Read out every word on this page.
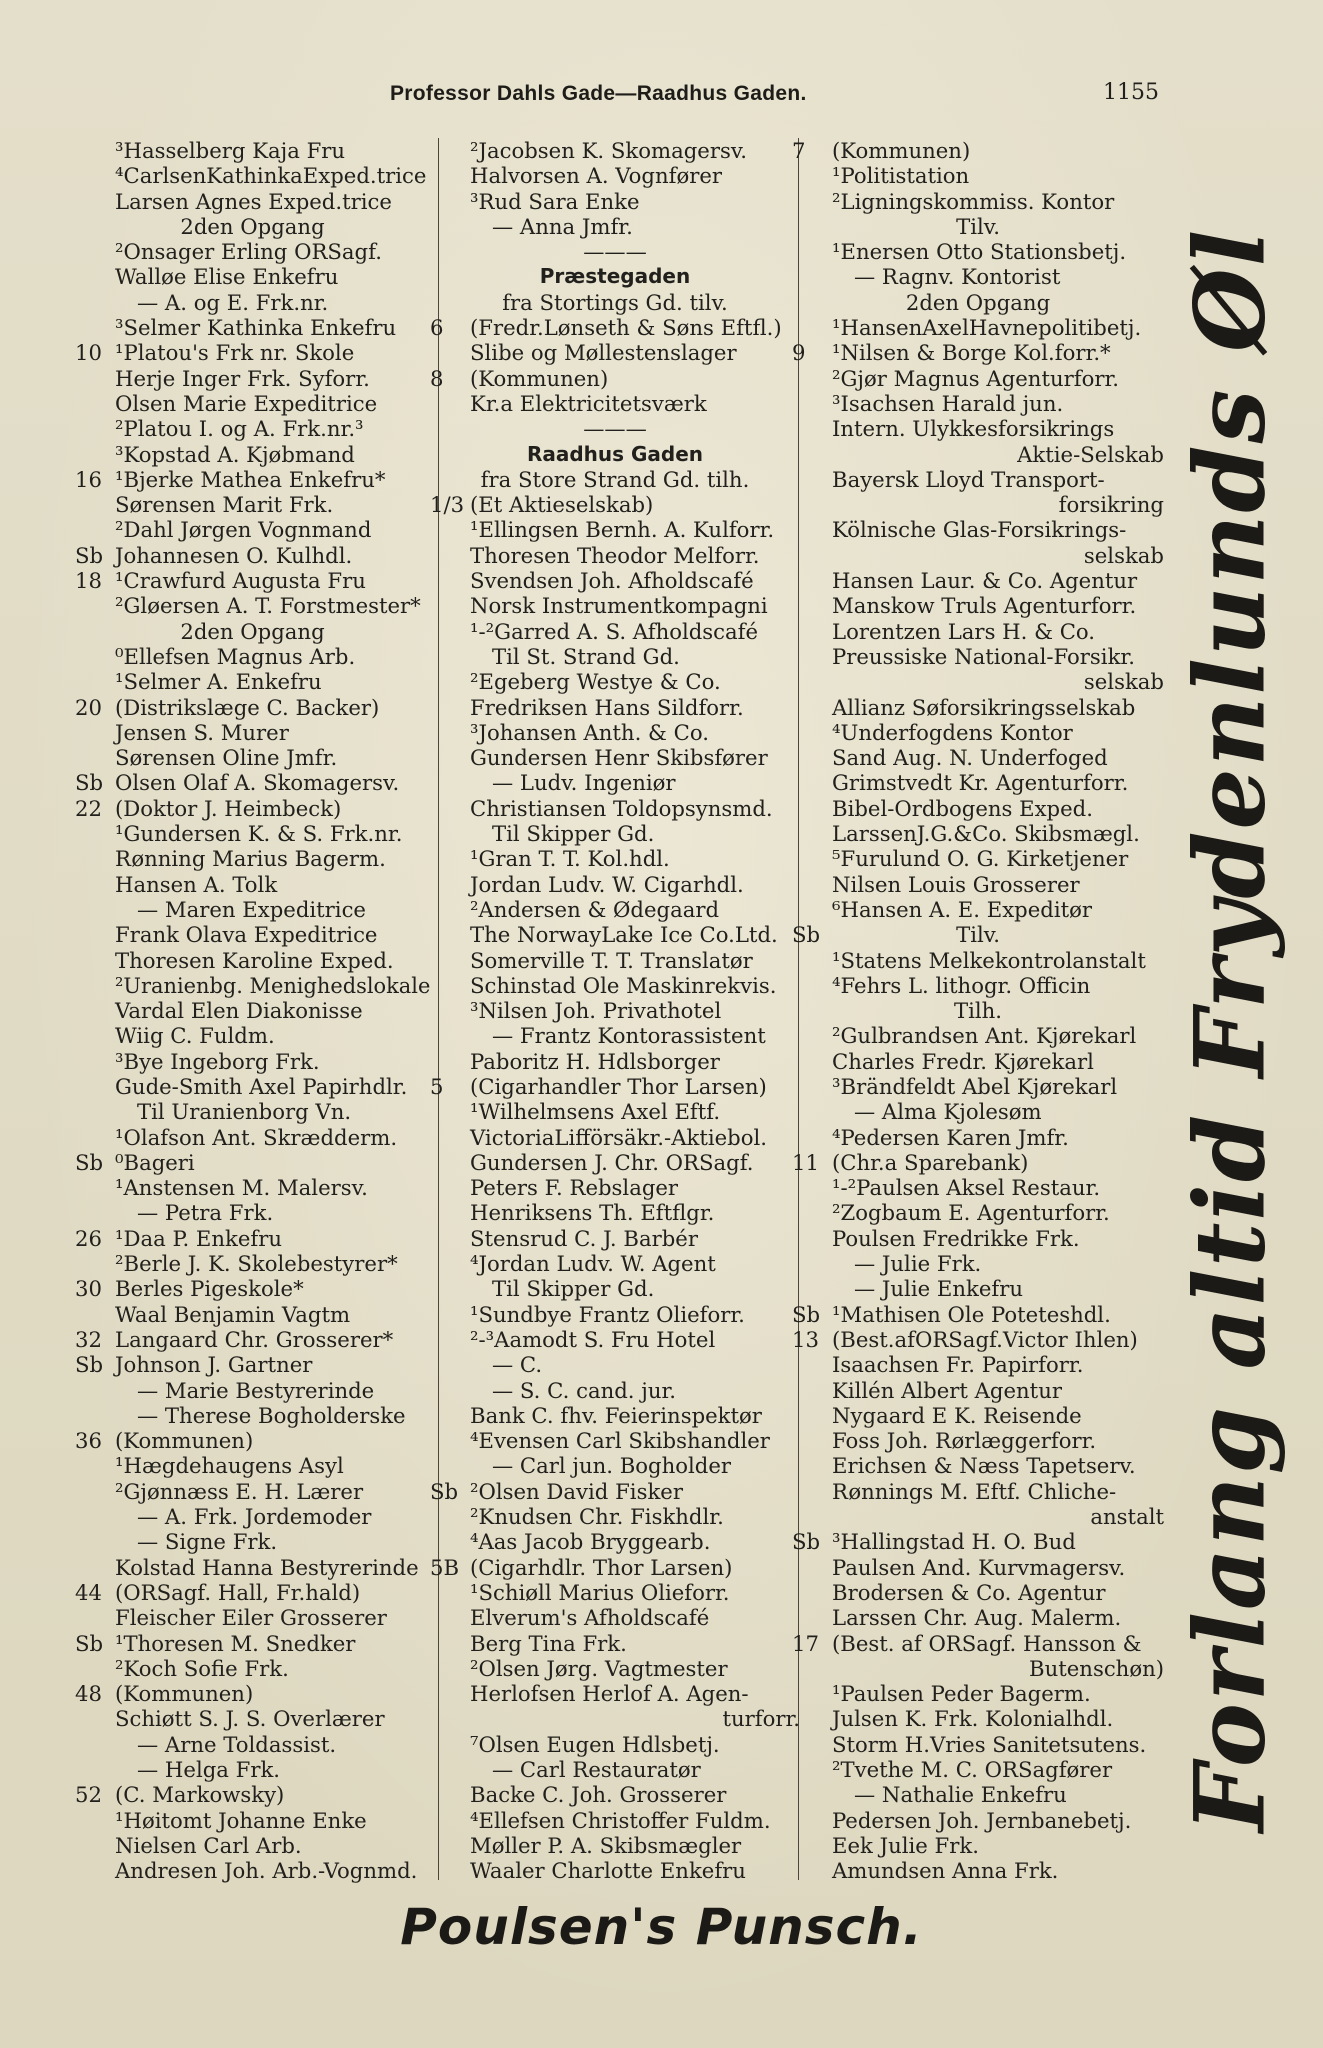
Professor Dahls Gade—Raadhus Gaden.	1155
³Hasselberg Kaja Fru
⁴CarlsenKathinkaExped.trice
Larsen Agnes Exped.trice
2den Opgang
²Onsager Erling ORSagf.
Walløe Elise Enkefru
— A. og E. Frk.nr.
³Selmer Kathinka Enkefru
10 ¹Platou's Frk nr. Skole
Herje Inger Frk. Syforr.
Olsen Marie Expeditrice
²Platou I. og A. Frk.nr.³
³Kopstad A. Kjøbmand
16 ¹Bjerke Mathea Enkefru*
Sørensen Marit Frk.
²Dahl Jørgen Vognmand
Sb Johannesen O. Kulhdl.
18 ¹Crawfurd Augusta Fru
²Gløersen A. T. Forstmester*
2den Opgang
⁰Ellefsen Magnus Arb.
¹Selmer A. Enkefru
20 (Distrikslæge C. Backer)
Jensen S. Murer
Sørensen Oline Jmfr.
Sb Olsen Olaf A. Skomagersv.
22 (Doktor J. Heimbeck)
¹Gundersen K. & S. Frk.nr.
Rønning Marius Bagerm.
Hansen A. Tolk
— Maren Expeditrice
Frank Olava Expeditrice
Thoresen Karoline Exped.
²Uranienbg. Menighedslokale
Vardal Elen Diakonisse
Wiig C. Fuldm.
³Bye Ingeborg Frk.
Gude-Smith Axel Papirhdlr.
Til Uranienborg Vn.
¹Olafson Ant. Skrædderm.
Sb ⁰Bageri
¹Anstensen M. Malersv.
— Petra Frk.
26 ¹Daa P. Enkefru
²Berle J. K. Skolebestyrer*
30 Berles Pigeskole*
Waal Benjamin Vagtm
32 Langaard Chr. Grosserer*
Sb Johnson J. Gartner
— Marie Bestyrerinde
— Therese Bogholderske
36 (Kommunen)
¹Hægdehaugens Asyl
²Gjønnæss E. H. Lærer
— A. Frk. Jordemoder
— Signe Frk.
Kolstad Hanna Bestyrerinde
44 (ORSagf. Hall, Fr.hald)
Fleischer Eiler Grosserer
Sb ¹Thoresen M. Snedker
²Koch Sofie Frk.
48 (Kommunen)
Schiøtt S. J. S. Overlærer
— Arne Toldassist.
— Helga Frk.
52 (C. Markowsky)
¹Høitomt Johanne Enke
Nielsen Carl Arb.
Andresen Joh. Arb.-Vognmd.
²Jacobsen K. Skomagersv.
Halvorsen A. Vognfører
³Rud Sara Enke
— Anna Jmfr.
———
Præstegaden
fra Stortings Gd. tilv.
6	(Fredr.Lønseth & Søns Eftfl.)
Slibe og Møllestenslager
8	(Kommunen)
Kr.a Elektricitetsværk
———
Raadhus Gaden
fra Store Strand Gd. tilh.
1/3 (Et Aktieselskab)
¹Ellingsen Bernh. A. Kulforr.
Thoresen Theodor Melforr.
Svendsen Joh. Afholdscafé
Norsk Instrumentkompagni
¹-²Garred A. S. Afholdscafé
Til St. Strand Gd.
²Egeberg Westye & Co.
Fredriksen Hans Sildforr.
³Johansen Anth. & Co.
Gundersen Henr Skibsfører
— Ludv. Ingeniør
Christiansen Toldopsynsmd.
Til Skipper Gd.
¹Gran T. T. Kol.hdl.
Jordan Ludv. W. Cigarhdl.
²Andersen & Ødegaard
The NorwayLake Ice Co.Ltd.
Somerville T. T. Translatør
Schinstad Ole Maskinrekvis.
³Nilsen Joh. Privathotel
— Frantz Kontorassistent
Paboritz H. Hdlsborger
5	(Cigarhandler Thor Larsen)
¹Wilhelmsens Axel Eftf.
VictoriaLifförsäkr.-Aktiebol.
Gundersen J. Chr. ORSagf.
Peters F. Rebslager
Henriksens Th. Eftflgr.
Stensrud C. J. Barbér
⁴Jordan Ludv. W. Agent
Til Skipper Gd.
¹Sundbye Frantz Olieforr.
²-³Aamodt S. Fru Hotel
— C.
— S. C. cand. jur.
Bank C. fhv. Feierinspektør
⁴Evensen Carl Skibshandler
— Carl jun. Bogholder
Sb ²Olsen David Fisker
²Knudsen Chr. Fiskhdlr.
⁴Aas Jacob Bryggearb.
5B (Cigarhdlr. Thor Larsen)
¹Schiøll Marius Olieforr.
Elverum's Afholdscafé
Berg Tina Frk.
²Olsen Jørg. Vagtmester
Herlofsen Herlof A. Agen-
turforr.
⁷Olsen Eugen Hdlsbetj.
— Carl Restauratør
Backe C. Joh. Grosserer
⁴Ellefsen Christoffer Fuldm.
Møller P. A. Skibsmægler
Waaler Charlotte Enkefru
7	(Kommunen)
¹Politistation
²Ligningskommiss. Kontor
Tilv.
¹Enersen Otto Stationsbetj.
— Ragnv. Kontorist
2den Opgang
¹HansenAxelHavnepolitibetj.
9	¹Nilsen & Borge Kol.forr.*
²Gjør Magnus Agenturforr.
³Isachsen Harald jun.
Intern. Ulykkesforsikrings
Aktie-Selskab
Bayersk Lloyd Transport-
forsikring
Kölnische Glas-Forsikrings-
selskab
Hansen Laur. & Co. Agentur
Manskow Truls Agenturforr.
Lorentzen Lars H. & Co.
Preussiske National-Forsikr.
selskab
Allianz Søforsikringsselskab
⁴Underfogdens Kontor
Sand Aug. N. Underfoged
Grimstvedt Kr. Agenturforr.
Bibel-Ordbogens Exped.
LarssenJ.G.&Co. Skibsmægl.
⁵Furulund O. G. Kirketjener
Nilsen Louis Grosserer
⁶Hansen A. E. Expeditør
Sb	Tilv.
¹Statens Melkekontrolanstalt
⁴Fehrs L. lithogr. Officin
Tilh.
²Gulbrandsen Ant. Kjørekarl
Charles Fredr. Kjørekarl
³Brändfeldt Abel Kjørekarl
— Alma Kjolesøm
⁴Pedersen Karen Jmfr.
11 (Chr.a Sparebank)
¹-²Paulsen Aksel Restaur.
²Zogbaum E. Agenturforr.
Poulsen Fredrikke Frk.
— Julie Frk.
— Julie Enkefru
Sb ¹Mathisen Ole Poteteshdl.
13 (Best.afORSagf.Victor Ihlen)
Isaachsen Fr. Papirforr.
Killén Albert Agentur
Nygaard E K. Reisende
Foss Joh. Rørlæggerforr.
Erichsen & Næss Tapetserv.
Rønnings M. Eftf. Chliche-
anstalt
Sb ³Hallingstad H. O. Bud
Paulsen And. Kurvmagersv.
Brodersen & Co. Agentur
Larssen Chr. Aug. Malerm.
17 (Best. af ORSagf. Hansson &
Butenschøn)
¹Paulsen Peder Bagerm.
Julsen K. Frk. Kolonialhdl.
Storm H.Vries Sanitetsutens.
²Tvethe M. C. ORSagfører
— Nathalie Enkefru
Pedersen Joh. Jernbanebetj.
Eek Julie Frk.
Amundsen Anna Frk.
Forlang altid Frydenlunds Øl
Poulsen's Punsch.
